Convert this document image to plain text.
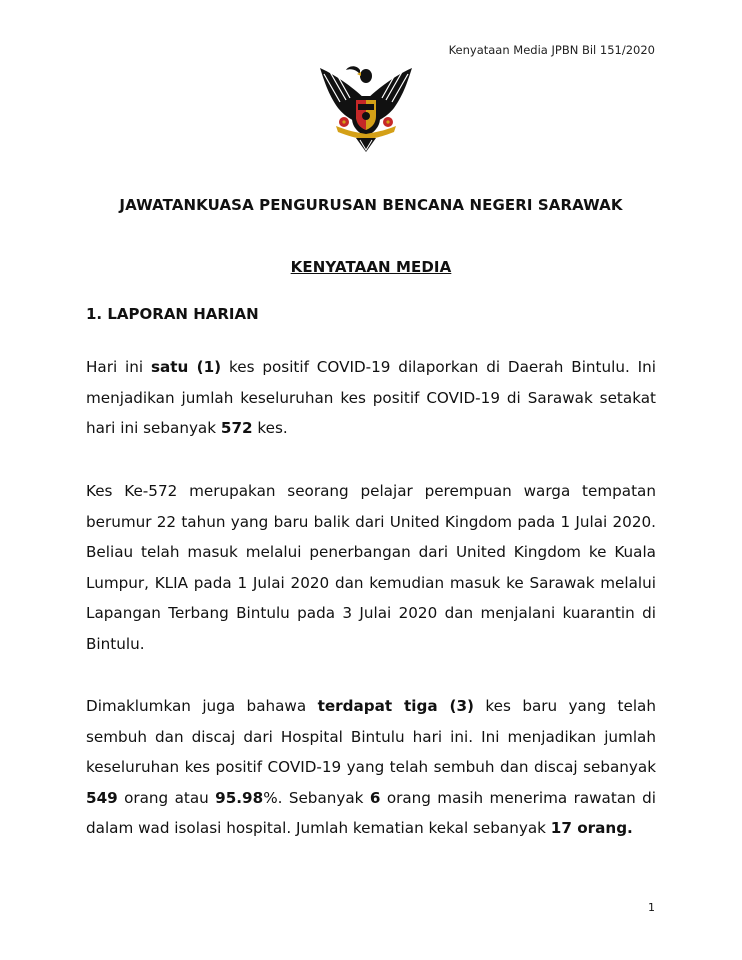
Kenyataan Media JPBN Bil 151/2020
JAWATANKUASA PENGURUSAN BENCANA NEGERI SARAWAK
KENYATAAN MEDIA
1. LAPORAN HARIAN
Hari ini satu (1) kes positif COVID-19 dilaporkan di Daerah Bintulu. Ini menjadikan jumlah keseluruhan kes positif COVID-19 di Sarawak setakat hari ini sebanyak 572 kes.
Kes Ke-572 merupakan seorang pelajar perempuan warga tempatan berumur 22 tahun yang baru balik dari United Kingdom pada 1 Julai 2020. Beliau telah masuk melalui penerbangan dari United Kingdom ke Kuala Lumpur, KLIA pada 1 Julai 2020 dan kemudian masuk ke Sarawak melalui Lapangan Terbang Bintulu pada 3 Julai 2020 dan menjalani kuarantin di Bintulu.
Dimaklumkan juga bahawa terdapat tiga (3) kes baru yang telah sembuh dan discaj dari Hospital Bintulu hari ini. Ini menjadikan jumlah keseluruhan kes positif COVID-19 yang telah sembuh dan discaj sebanyak 549 orang atau 95.98%. Sebanyak 6 orang masih menerima rawatan di dalam wad isolasi hospital. Jumlah kematian kekal sebanyak 17 orang.
1
